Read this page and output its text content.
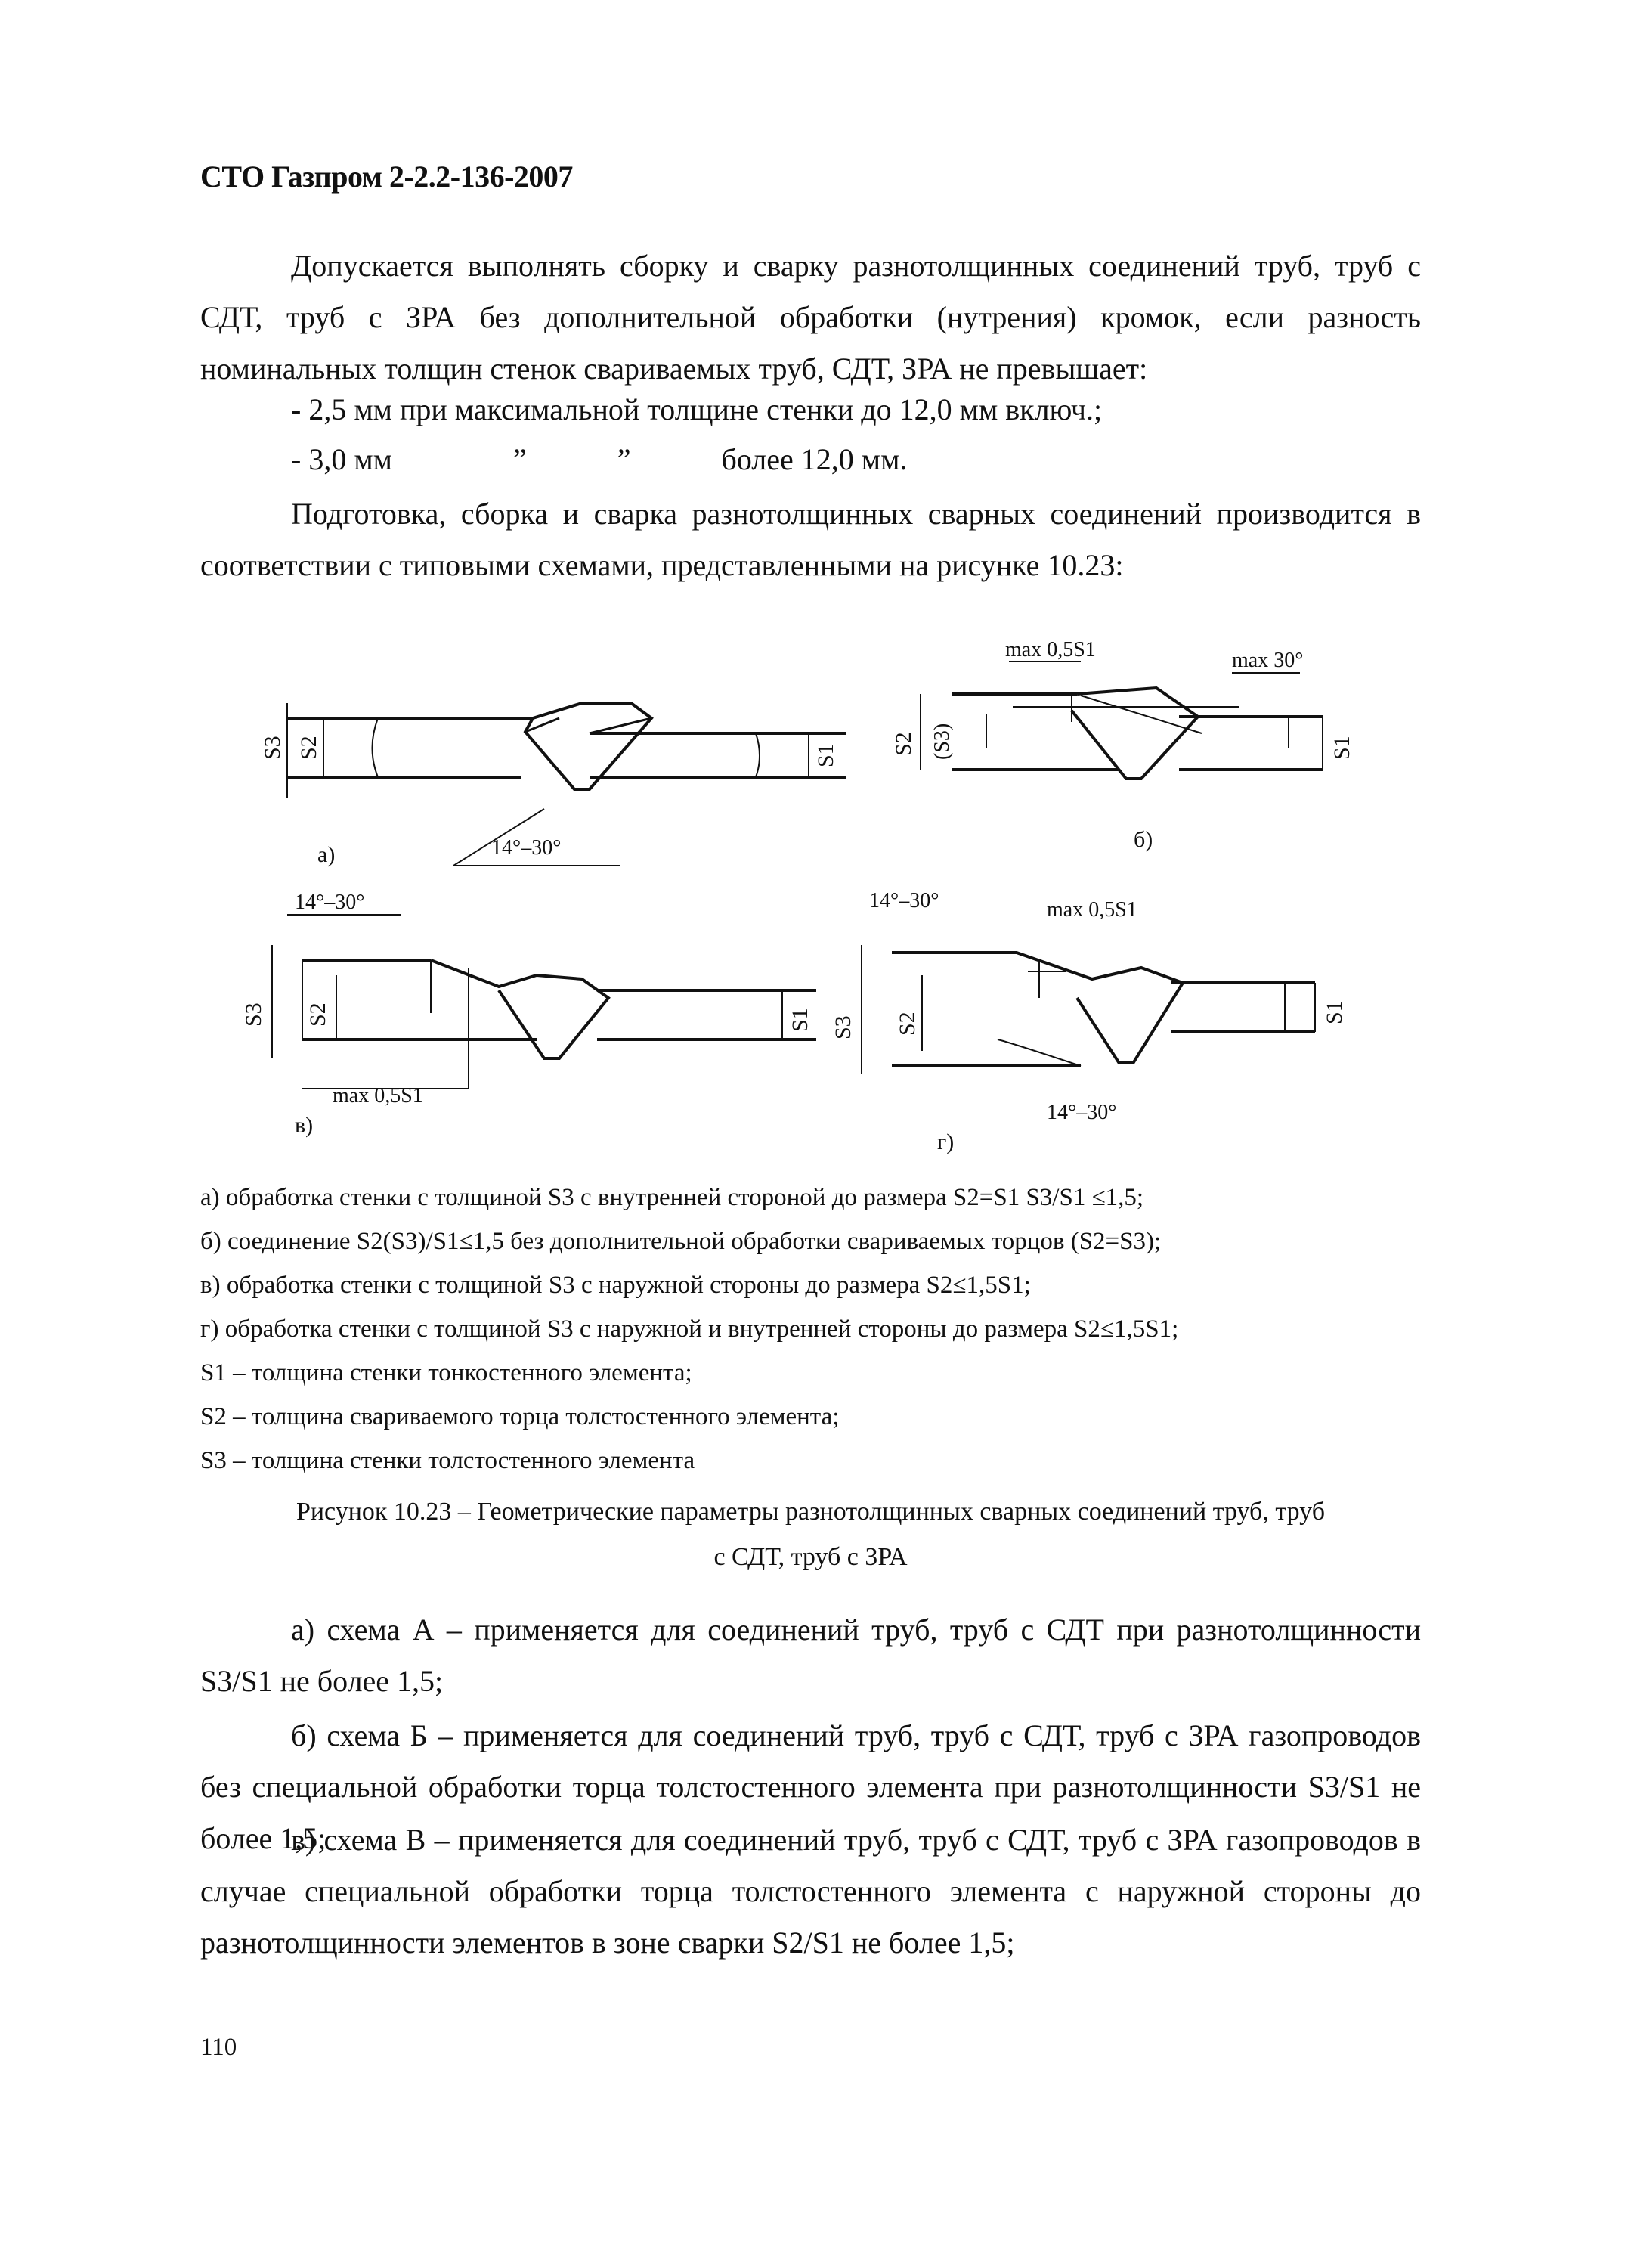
СТО Газпром 2-2.2-136-2007
Допускается выполнять сборку и сварку разнотолщинных соединений труб, труб с СДТ, труб с ЗРА без дополнительной обработки (нутрения) кромок, если разность номинальных толщин стенок свариваемых труб, СДТ, ЗРА не превышает:
- 2,5 мм при максимальной толщине стенки до 12,0 мм включ.;
- 3,0 мм	”	”	более 12,0 мм.
Подготовка, сборка и сварка разнотолщинных сварных соединений производится в соответствии с типовыми схемами, представленными на рисунке 10.23:
а)	14°–30°
S3 S2	S1
б)
max 0,5S1	max 30°
S2 (S3)	S1
в)
14°–30°
max 0,5S1
S3 S2	S1
г)
14°–30°
14°–30°
max 0,5S1
S3 S2	S1
а) обработка стенки с толщиной S3 с внутренней стороной до размера S2=S1 S3/S1 ≤1,5;
б) соединение S2(S3)/S1≤1,5 без дополнительной обработки свариваемых торцов (S2=S3);
в) обработка стенки с толщиной S3 с наружной стороны до размера S2≤1,5S1;
г) обработка стенки с толщиной S3 с наружной и внутренней стороны до размера S2≤1,5S1;
S1 – толщина стенки тонкостенного элемента;
S2 – толщина свариваемого торца толстостенного элемента;
S3 – толщина стенки толстостенного элемента
Рисунок 10.23 – Геометрические параметры разнотолщинных сварных соединений труб, труб
с СДТ, труб с ЗРА
а) схема А – применяется для соединений труб, труб с СДТ при разнотолщинности S3/S1 не более 1,5;
б) схема Б – применяется для соединений труб, труб с СДТ, труб с ЗРА газопроводов без специальной обработки торца толстостенного элемента при разнотолщинности S3/S1 не более 1,5;
в) схема В – применяется для соединений труб, труб с СДТ, труб с ЗРА газопроводов в случае специальной обработки торца толстостенного элемента с наружной стороны до разнотолщинности элементов в зоне сварки S2/S1 не более 1,5;
110
